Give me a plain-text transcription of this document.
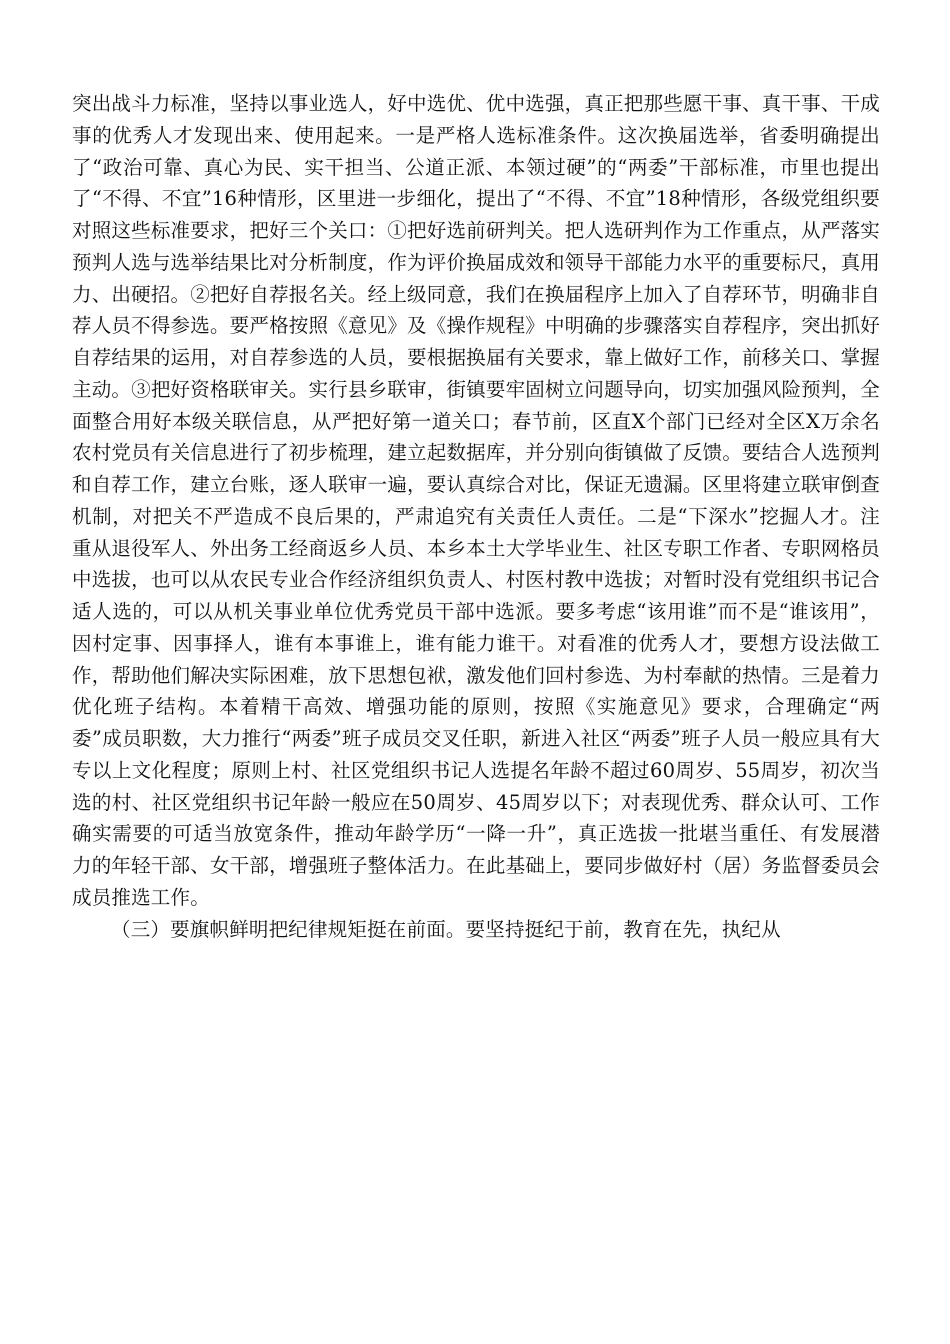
突出战斗力标准，坚持以事业选人，好中选优、优中选强，真正把那些愿干事、真干事、干成事的优秀人才发现出来、使用起来。一是严格人选标准条件。这次换届选举，省委明确提出了“政治可靠、真心为民、实干担当、公道正派、本领过硬”的“两委”干部标准，市里也提出了“不得、不宜”16种情形，区里进一步细化，提出了“不得、不宜”18种情形，各级党组织要对照这些标准要求，把好三个关口：①把好选前研判关。把人选研判作为工作重点，从严落实预判人选与选举结果比对分析制度，作为评价换届成效和领导干部能力水平的重要标尺，真用力、出硬招。②把好自荐报名关。经上级同意，我们在换届程序上加入了自荐环节，明确非自荐人员不得参选。要严格按照《意见》及《操作规程》中明确的步骤落实自荐程序，突出抓好自荐结果的运用，对自荐参选的人员，要根据换届有关要求，靠上做好工作，前移关口、掌握主动。③把好资格联审关。实行县乡联审，街镇要牢固树立问题导向，切实加强风险预判，全面整合用好本级关联信息，从严把好第一道关口；春节前，区直X个部门已经对全区X万余名农村党员有关信息进行了初步梳理，建立起数据库，并分别向街镇做了反馈。要结合人选预判和自荐工作，建立台账，逐人联审一遍，要认真综合对比，保证无遗漏。区里将建立联审倒查机制，对把关不严造成不良后果的，严肃追究有关责任人责任。二是“下深水”挖掘人才。注重从退役军人、外出务工经商返乡人员、本乡本土大学毕业生、社区专职工作者、专职网格员中选拔，也可以从农民专业合作经济组织负责人、村医村教中选拔；对暂时没有党组织书记合适人选的，可以从机关事业单位优秀党员干部中选派。要多考虑“该用谁”而不是“谁该用”，因村定事、因事择人，谁有本事谁上，谁有能力谁干。对看准的优秀人才，要想方设法做工作，帮助他们解决实际困难，放下思想包袱，激发他们回村参选、为村奉献的热情。三是着力优化班子结构。本着精干高效、增强功能的原则，按照《实施意见》要求，合理确定“两委”成员职数，大力推行“两委”班子成员交叉任职，新进入社区“两委”班子人员一般应具有大专以上文化程度；原则上村、社区党组织书记人选提名年龄不超过60周岁、55周岁，初次当选的村、社区党组织书记年龄一般应在50周岁、45周岁以下；对表现优秀、群众认可、工作确实需要的可适当放宽条件，推动年龄学历“一降一升”，真正选拔一批堪当重任、有发展潜力的年轻干部、女干部，增强班子整体活力。在此基础上，要同步做好村（居）务监督委员会成员推选工作。

（三）要旗帜鲜明把纪律规矩挺在前面。要坚持挺纪于前，教育在先，执纪从
